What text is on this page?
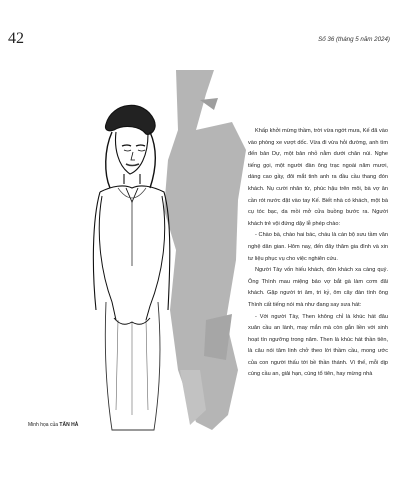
42	Số 36 (tháng 5 năm 2024)
Minh họa của TẤN HÀ

Khấp khởi mừng thầm, trời vừa ngớt mưa, Kế đã vào vào phòng xe vượt dốc. Vừa đi vừa hỏi đường, anh tìm đến bản Dự, một bản nhỏ nằm dưới chân núi. Nghe tiếng gọi, một người đàn ông trạc ngoài năm mươi, dáng cao gầy, đôi mắt tinh anh ra đầu cầu thang đón khách. Nụ cười nhân từ, phúc hậu trên môi, bà vợ ân cần rót nước đặt vào tay Kế. Biết nhà có khách, một bà cụ tóc bạc, da mồi mở cửa buồng bước ra. Người khách trẻ vội đứng dậy lễ phép chào:

- Chào bà, chào hai bác, cháu là cán bộ sưu tầm văn nghệ dân gian. Hôm nay, đến đây thăm gia đình và xin tư liệu phục vụ cho việc nghiên cứu.

Người Tày vốn hiếu khách, đón khách xa càng quý. Ông Thình mau miệng bảo vợ bắt gà làm cơm đãi khách. Gặp người tri âm, tri kỷ, ôm cây đàn tính ông Thình cất tiếng nói mà như đang say sưa hát:

- Với người Tày, Then không chỉ là khúc hát đâu xuân cầu an lành, may mắn mà còn gắn liền với sinh hoạt tín ngưỡng trong năm. Then là khúc hát thần tiên, là câu nói tâm linh chở theo lời thầm cầu, mong ước của con người thấu tới bề thần thánh. Vì thế, mỗi dịp cúng cầu an, giải hạn, cúng tổ tiên, hay mừng nhà
